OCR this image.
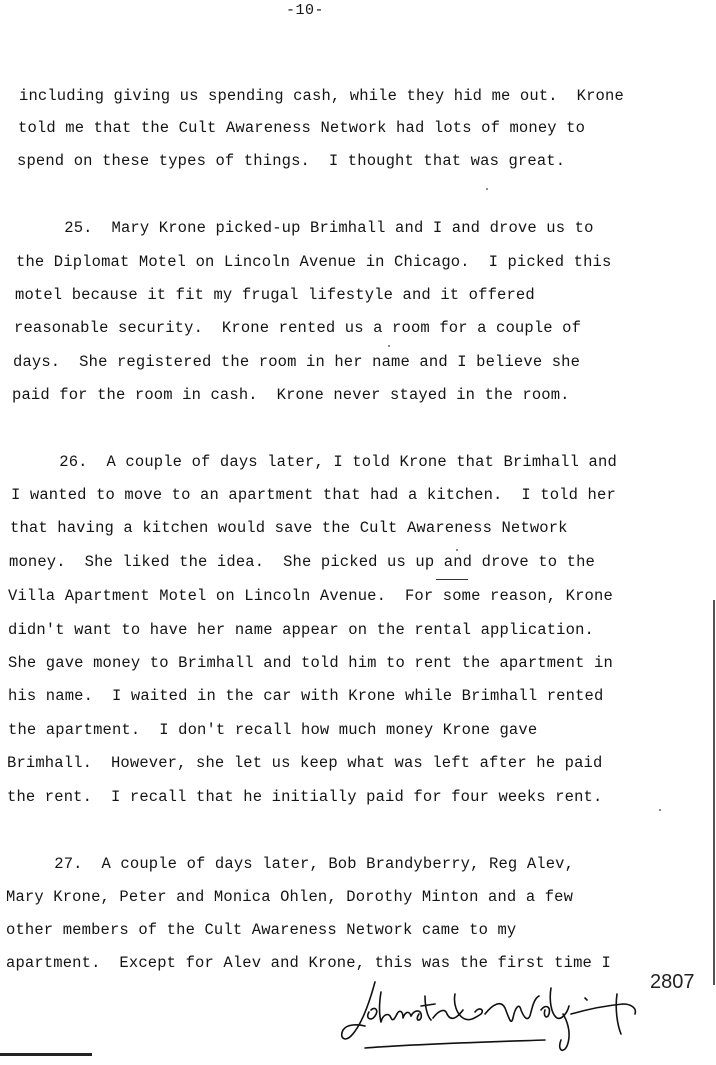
-10-
including giving us spending cash, while they hid me out.  Krone
told me that the Cult Awareness Network had lots of money to
spend on these types of things.  I thought that was great.
25.  Mary Krone picked-up Brimhall and I and drove us to
the Diplomat Motel on Lincoln Avenue in Chicago.  I picked this
motel because it fit my frugal lifestyle and it offered
reasonable security.  Krone rented us a room for a couple of
days.  She registered the room in her name and I believe she
paid for the room in cash.  Krone never stayed in the room.
26.  A couple of days later, I told Krone that Brimhall and
I wanted to move to an apartment that had a kitchen.  I told her
that having a kitchen would save the Cult Awareness Network
money.  She liked the idea.  She picked us up and drove to the
Villa Apartment Motel on Lincoln Avenue.  For some reason, Krone
didn't want to have her name appear on the rental application.
She gave money to Brimhall and told him to rent the apartment in
his name.  I waited in the car with Krone while Brimhall rented
the apartment.  I don't recall how much money Krone gave
Brimhall.  However, she let us keep what was left after he paid
the rent.  I recall that he initially paid for four weeks rent.
27.  A couple of days later, Bob Brandyberry, Reg Alev,
Mary Krone, Peter and Monica Ohlen, Dorothy Minton and a few
other members of the Cult Awareness Network came to my
apartment.  Except for Alev and Krone, this was the first time I
2807
